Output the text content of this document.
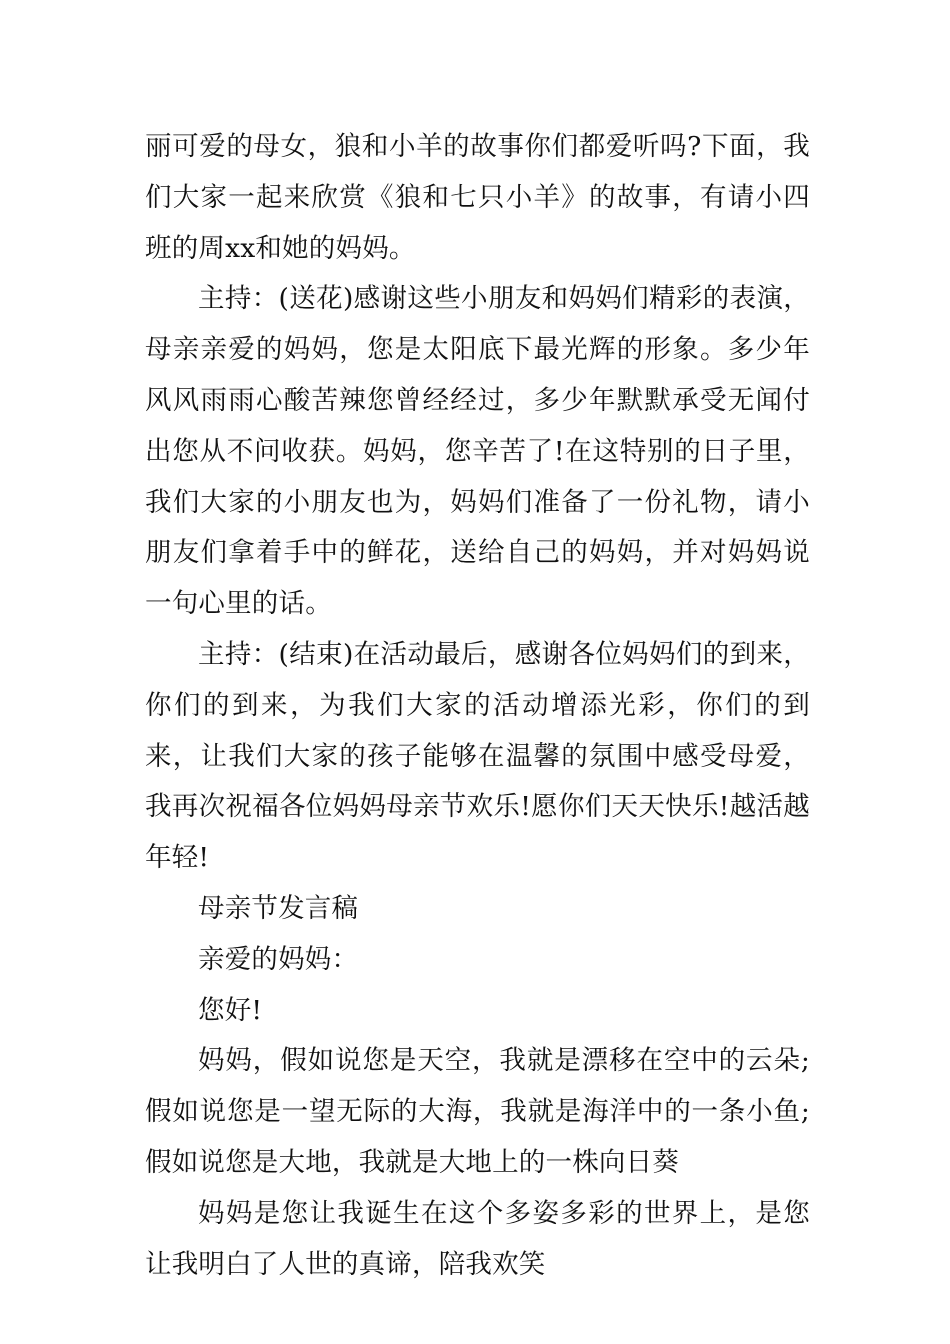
丽可爱的母女，狼和小羊的故事你们都爱听吗?下面，我们大家一起来欣赏《狼和七只小羊》的故事，有请小四班的周xx和她的妈妈。

主持：(送花)感谢这些小朋友和妈妈们精彩的表演，母亲亲爱的妈妈，您是太阳底下最光辉的形象。多少年风风雨雨心酸苦辣您曾经经过，多少年默默承受无闻付出您从不问收获。妈妈，您辛苦了!在这特别的日子里，我们大家的小朋友也为，妈妈们准备了一份礼物，请小朋友们拿着手中的鲜花，送给自己的妈妈，并对妈妈说一句心里的话。

主持：(结束)在活动最后，感谢各位妈妈们的到来，你们的到来，为我们大家的活动增添光彩，你们的到来，让我们大家的孩子能够在温馨的氛围中感受母爱，我再次祝福各位妈妈母亲节欢乐!愿你们天天快乐!越活越年轻!

母亲节发言稿

亲爱的妈妈：

您好!

妈妈，假如说您是天空，我就是漂移在空中的云朵;假如说您是一望无际的大海，我就是海洋中的一条小鱼;假如说您是大地，我就是大地上的一株向日葵

妈妈是您让我诞生在这个多姿多彩的世界上，是您让我明白了人世的真谛，陪我欢笑
